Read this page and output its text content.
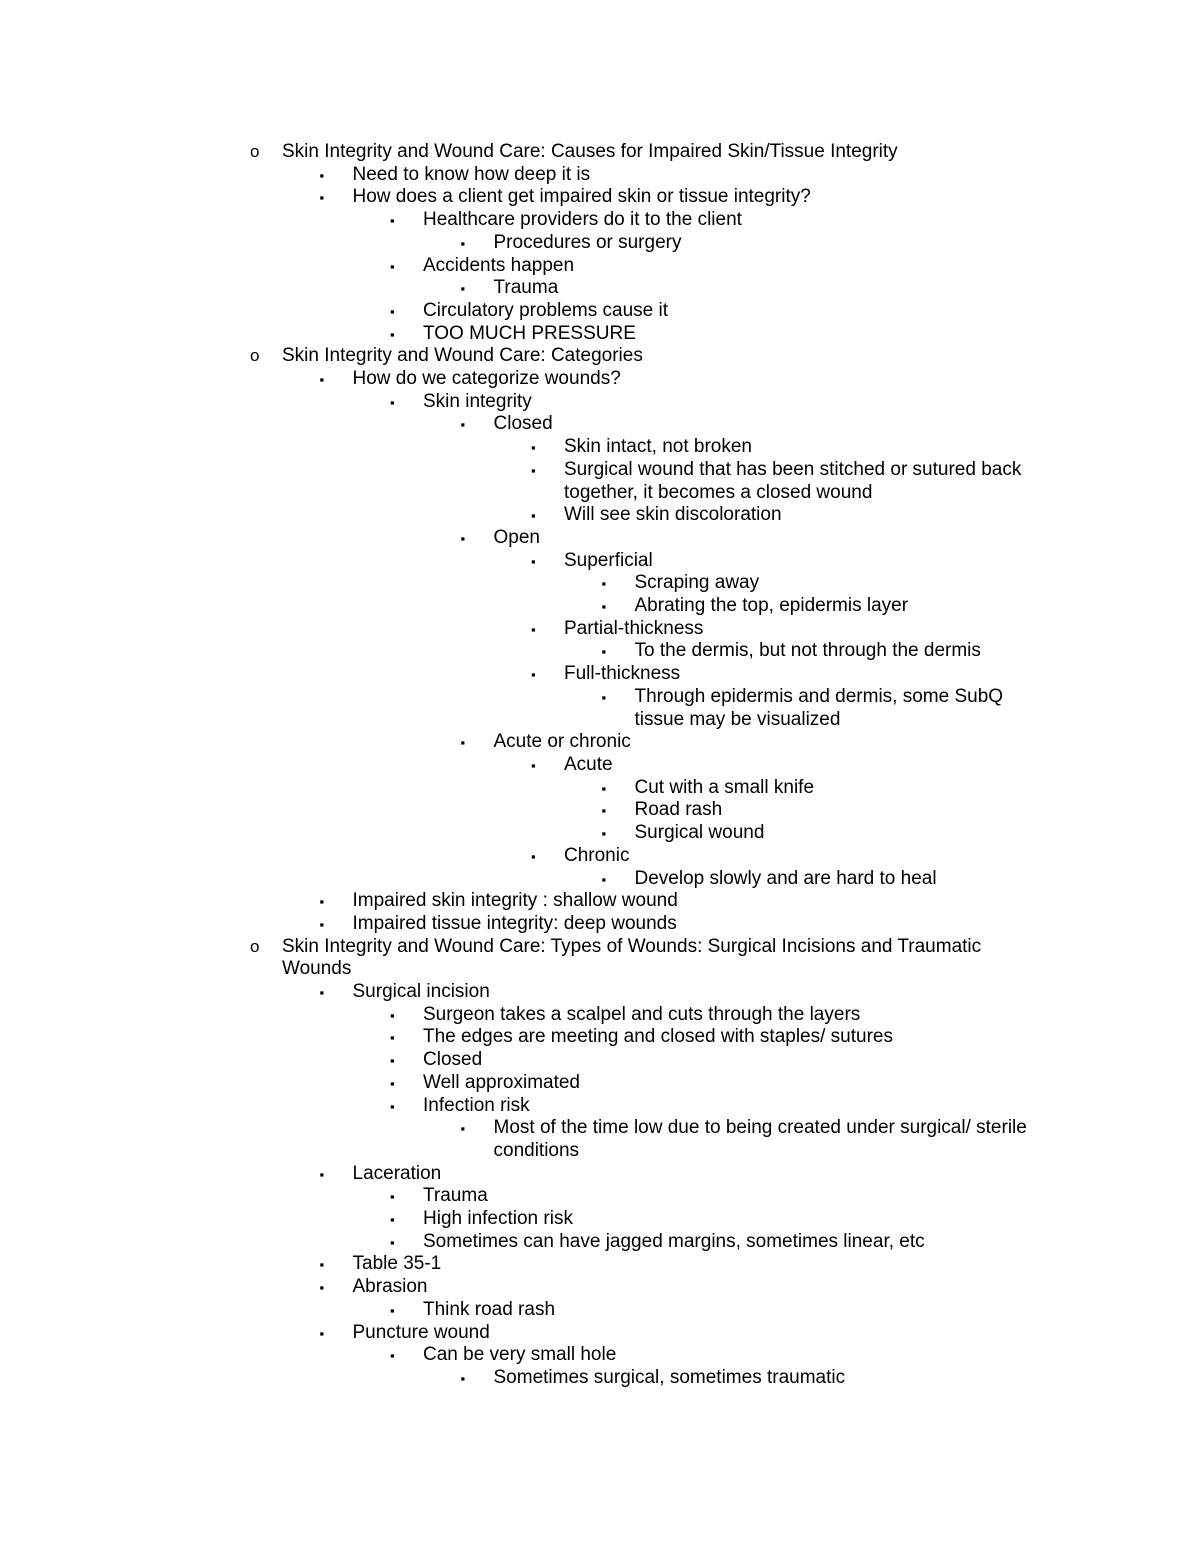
o Skin Integrity and Wound Care: Causes for Impaired Skin/Tissue Integrity
▪ Need to know how deep it is
▪ How does a client get impaired skin or tissue integrity?
▪ Healthcare providers do it to the client
▪ Procedures or surgery
▪ Accidents happen
▪ Trauma
▪ Circulatory problems cause it
▪ TOO MUCH PRESSURE
o Skin Integrity and Wound Care: Categories
▪ How do we categorize wounds?
▪ Skin integrity
▪ Closed
▪ Skin intact, not broken
▪ Surgical wound that has been stitched or sutured back together, it becomes a closed wound
▪ Will see skin discoloration
▪ Open
▪ Superficial
▪ Scraping away
▪ Abrating the top, epidermis layer
▪ Partial-thickness
▪ To the dermis, but not through the dermis
▪ Full-thickness
▪ Through epidermis and dermis, some SubQ tissue may be visualized
▪ Acute or chronic
▪ Acute
▪ Cut with a small knife
▪ Road rash
▪ Surgical wound
▪ Chronic
▪ Develop slowly and are hard to heal
▪ Impaired skin integrity : shallow wound
▪ Impaired tissue integrity: deep wounds
o Skin Integrity and Wound Care: Types of Wounds: Surgical Incisions and Traumatic Wounds
▪ Surgical incision
▪ Surgeon takes a scalpel and cuts through the layers
▪ The edges are meeting and closed with staples/ sutures
▪ Closed
▪ Well approximated
▪ Infection risk
▪ Most of the time low due to being created under surgical/ sterile conditions
▪ Laceration
▪ Trauma
▪ High infection risk
▪ Sometimes can have jagged margins, sometimes linear, etc
▪ Table 35-1
▪ Abrasion
▪ Think road rash
▪ Puncture wound
▪ Can be very small hole
▪ Sometimes surgical, sometimes traumatic
